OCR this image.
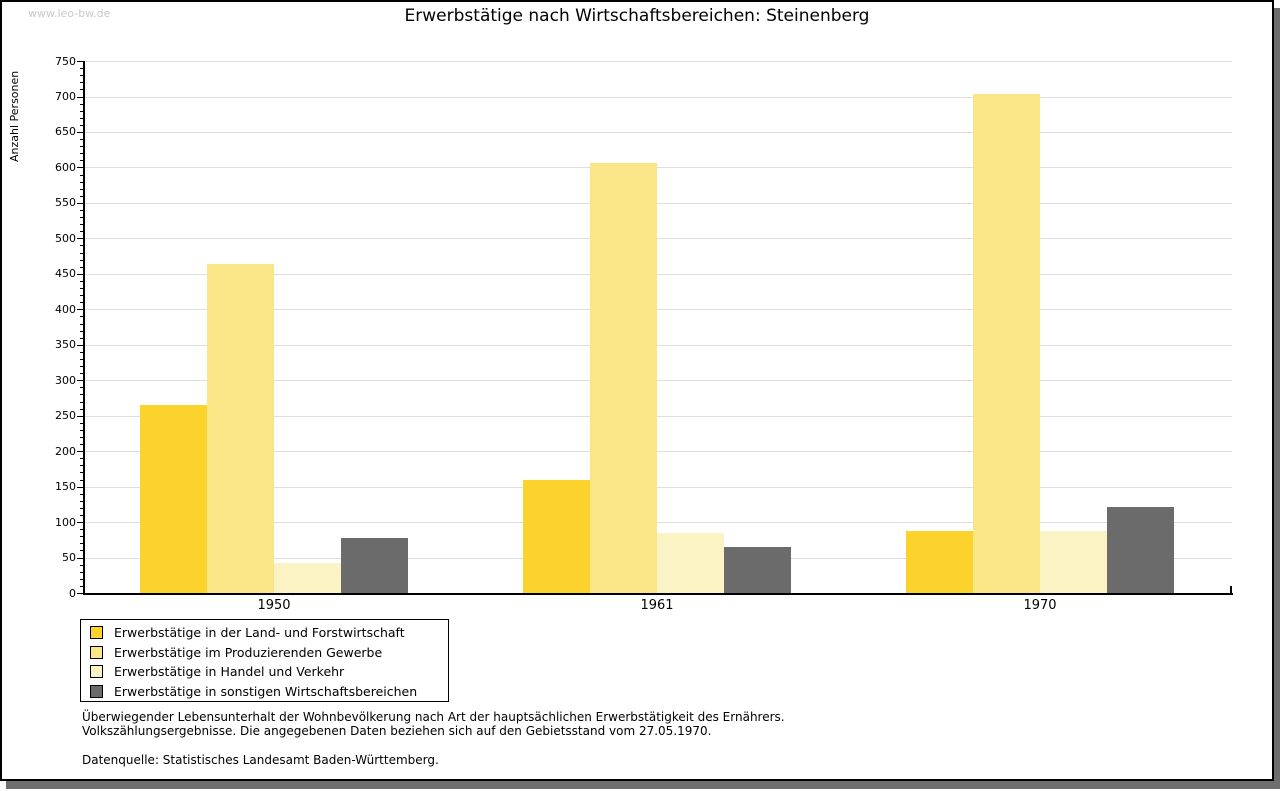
www.leo-bw.de	Erwerbstätige nach Wirtschaftsbereichen: Steinenberg
Anzahl Personen
0
50
100
150
200
250
300
350
400
450
500
550
600
650
700
750
1950	1961	1970
Erwerbstätige in der Land- und Forstwirtschaft
Erwerbstätige im Produzierenden Gewerbe
Erwerbstätige in Handel und Verkehr
Erwerbstätige in sonstigen Wirtschaftsbereichen
Überwiegender Lebensunterhalt der Wohnbevölkerung nach Art der hauptsächlichen Erwerbstätigkeit des Ernährers.
Volkszählungsergebnisse. Die angegebenen Daten beziehen sich auf den Gebietsstand vom 27.05.1970.
Datenquelle: Statistisches Landesamt Baden-Württemberg.
